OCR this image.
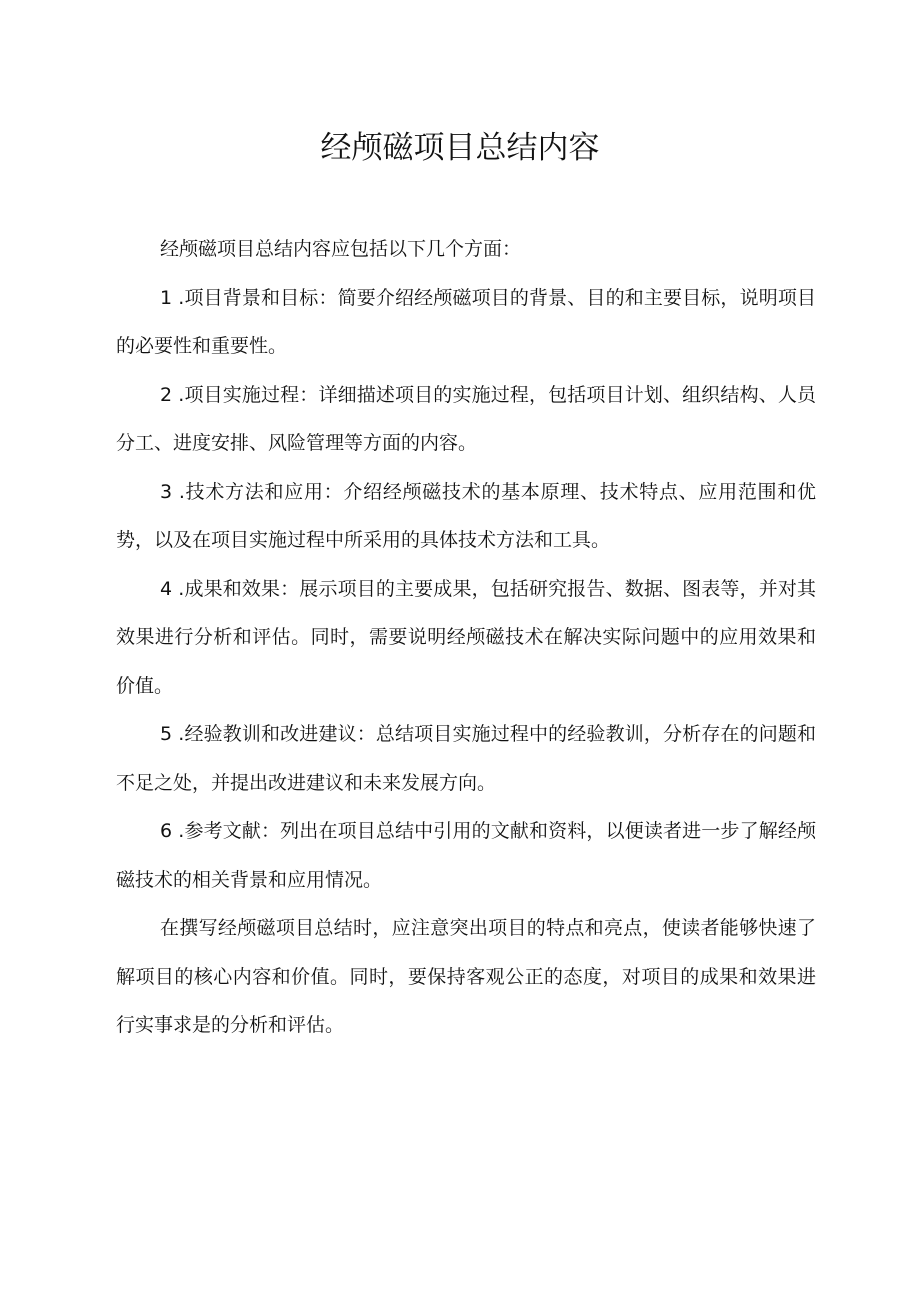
经颅磁项目总结内容

经颅磁项目总结内容应包括以下几个方面：

1 .项目背景和目标：简要介绍经颅磁项目的背景、目的和主要目标，说明项目的必要性和重要性。

2 .项目实施过程：详细描述项目的实施过程，包括项目计划、组织结构、人员分工、进度安排、风险管理等方面的内容。

3 .技术方法和应用：介绍经颅磁技术的基本原理、技术特点、应用范围和优势，以及在项目实施过程中所采用的具体技术方法和工具。

4 .成果和效果：展示项目的主要成果，包括研究报告、数据、图表等，并对其效果进行分析和评估。同时，需要说明经颅磁技术在解决实际问题中的应用效果和价值。

5 .经验教训和改进建议：总结项目实施过程中的经验教训，分析存在的问题和不足之处，并提出改进建议和未来发展方向。

6 .参考文献：列出在项目总结中引用的文献和资料，以便读者进一步了解经颅磁技术的相关背景和应用情况。

在撰写经颅磁项目总结时，应注意突出项目的特点和亮点，使读者能够快速了解项目的核心内容和价值。同时，要保持客观公正的态度，对项目的成果和效果进行实事求是的分析和评估。
